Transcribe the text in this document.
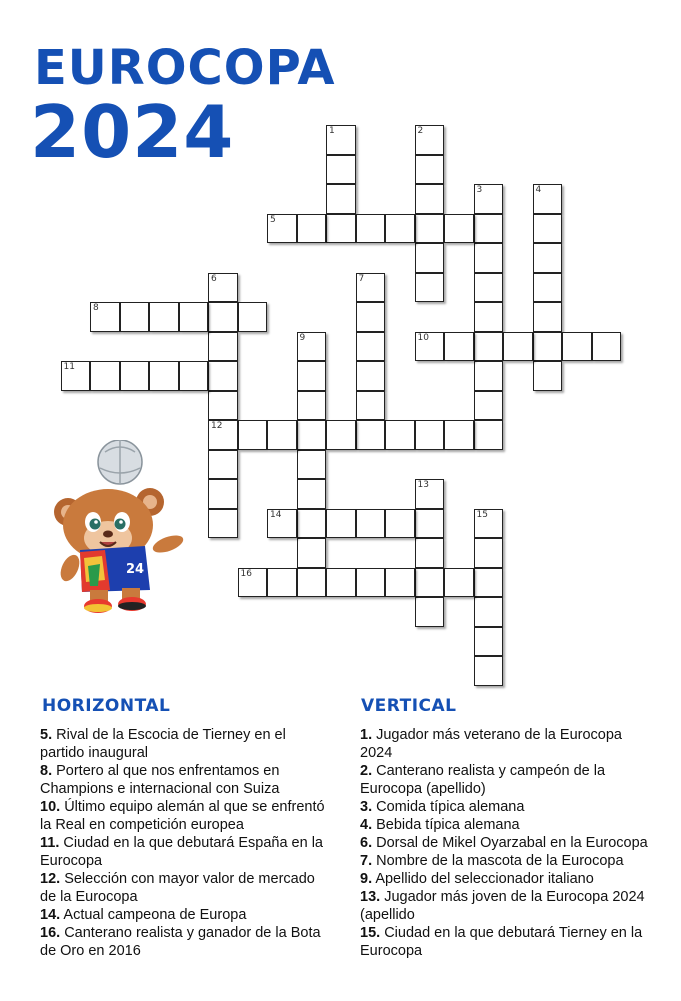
EUROCOPA
2024	1	2
3	4
5
6
12
7
8
9	10
11
13
14	15
16
24
HORIZONTAL	VERTICAL

5. Rival de la Escocia de Tierney en el partido inaugural

8. Portero al que nos enfrentamos en Champions e internacional con Suiza

10. Último equipo alemán al que se enfrentó la Real en competición europea

11. Ciudad en la que debutará España en la Eurocopa

12. Selección con mayor valor de mercado de la Eurocopa

14. Actual campeona de Europa

16. Canterano realista y ganador de la Bota de Oro en 2016

1. Jugador más veterano de la Eurocopa 2024

2. Canterano realista y campeón de la Eurocopa (apellido)

3. Comida típica alemana

4. Bebida típica alemana

6. Dorsal de Mikel Oyarzabal en la Eurocopa

7. Nombre de la mascota de la Eurocopa

9. Apellido del seleccionador italiano

13. Jugador más joven de la Eurocopa 2024 (apellido

15. Ciudad en la que debutará Tierney en la Eurocopa
